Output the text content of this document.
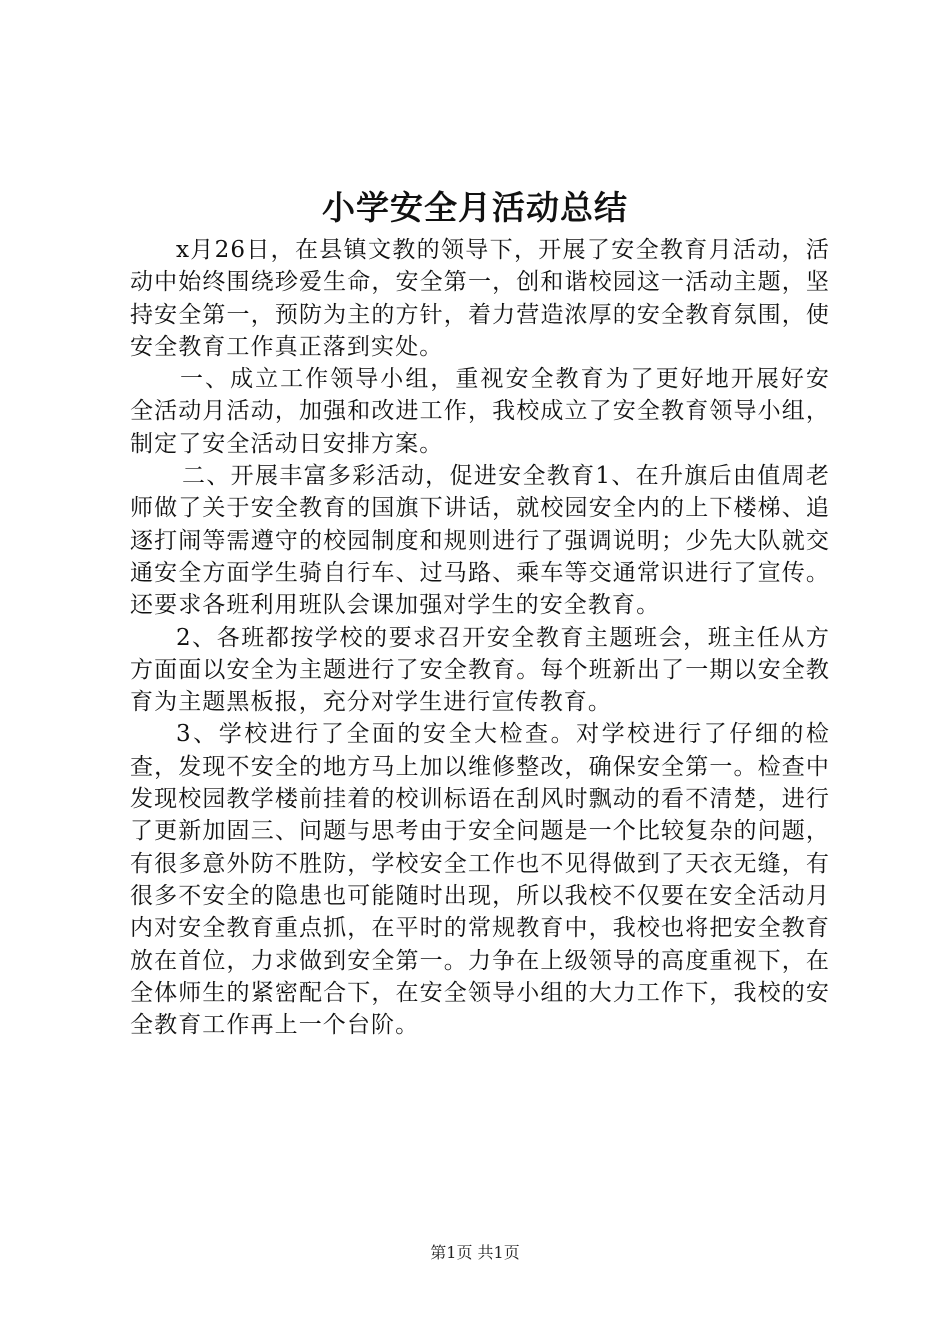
小学安全月活动总结

x月26日，在县镇文教的领导下，开展了安全教育月活动，活动中始终围绕珍爱生命，安全第一，创和谐校园这一活动主题，坚持安全第一，预防为主的方针，着力营造浓厚的安全教育氛围，使安全教育工作真正落到实处。

一、成立工作领导小组，重视安全教育为了更好地开展好安全活动月活动，加强和改进工作，我校成立了安全教育领导小组，制定了安全活动日安排方案。

二、开展丰富多彩活动，促进安全教育1、在升旗后由值周老师做了关于安全教育的国旗下讲话，就校园安全内的上下楼梯、追逐打闹等需遵守的校园制度和规则进行了强调说明；少先大队就交通安全方面学生骑自行车、过马路、乘车等交通常识进行了宣传。还要求各班利用班队会课加强对学生的安全教育。

2、各班都按学校的要求召开安全教育主题班会，班主任从方方面面以安全为主题进行了安全教育。每个班新出了一期以安全教育为主题黑板报，充分对学生进行宣传教育。

3、学校进行了全面的安全大检查。对学校进行了仔细的检查，发现不安全的地方马上加以维修整改，确保安全第一。检查中发现校园教学楼前挂着的校训标语在刮风时飘动的看不清楚，进行了更新加固三、问题与思考由于安全问题是一个比较复杂的问题，有很多意外防不胜防，学校安全工作也不见得做到了天衣无缝，有很多不安全的隐患也可能随时出现，所以我校不仅要在安全活动月内对安全教育重点抓，在平时的常规教育中，我校也将把安全教育放在首位，力求做到安全第一。力争在上级领导的高度重视下，在全体师生的紧密配合下，在安全领导小组的大力工作下，我校的安全教育工作再上一个台阶。

第1页 共1页
